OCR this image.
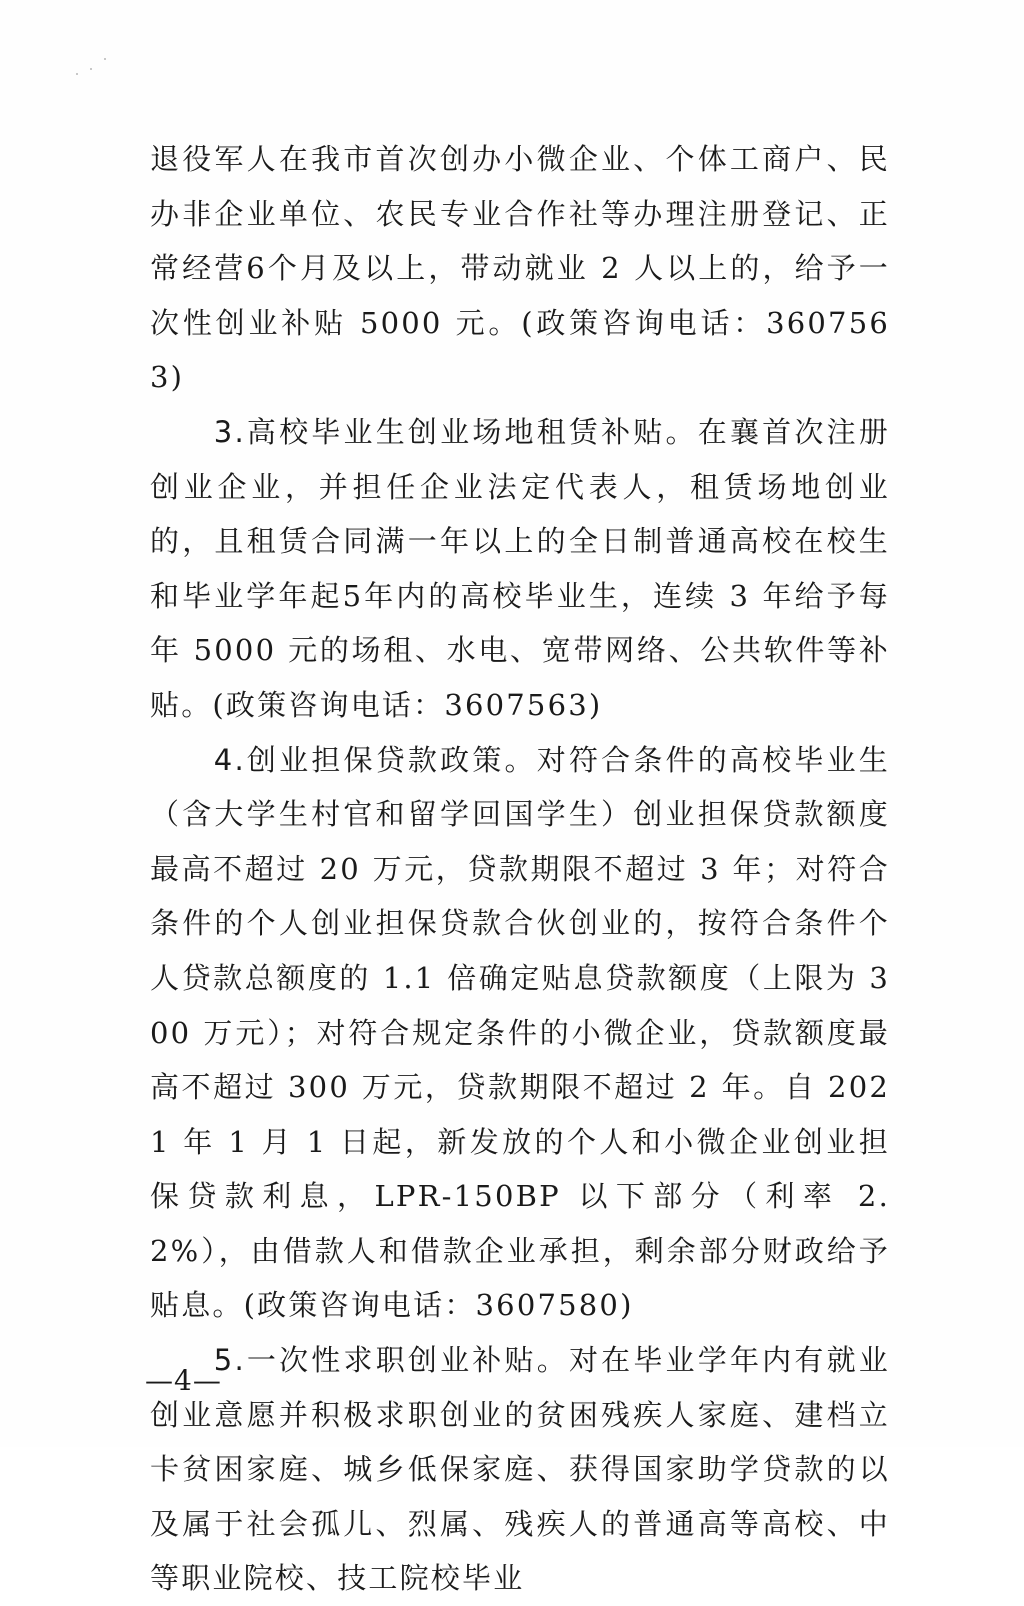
退役军人在我市首次创办小微企业、个体工商户、民办非企业单位、农民专业合作社等办理注册登记、正常经营6个月及以上，带动就业 2 人以上的，给予一次性创业补贴 5000 元。(政策咨询电话：3607563)

3.高校毕业生创业场地租赁补贴。在襄首次注册创业企业，并担任企业法定代表人，租赁场地创业的，且租赁合同满一年以上的全日制普通高校在校生和毕业学年起5年内的高校毕业生，连续 3 年给予每年 5000 元的场租、水电、宽带网络、公共软件等补贴。(政策咨询电话：3607563)

4.创业担保贷款政策。对符合条件的高校毕业生（含大学生村官和留学回国学生）创业担保贷款额度最高不超过 20 万元，贷款期限不超过 3 年；对符合条件的个人创业担保贷款合伙创业的，按符合条件个人贷款总额度的 1.1 倍确定贴息贷款额度（上限为 300 万元）；对符合规定条件的小微企业，贷款额度最高不超过 300 万元，贷款期限不超过 2 年。自 2021 年 1 月 1 日起，新发放的个人和小微企业创业担保贷款利息，LPR-150BP 以下部分（利率 2.2%），由借款人和借款企业承担，剩余部分财政给予贴息。(政策咨询电话：3607580)

5.一次性求职创业补贴。对在毕业学年内有就业创业意愿并积极求职创业的贫困残疾人家庭、建档立卡贫困家庭、城乡低保家庭、获得国家助学贷款的以及属于社会孤儿、烈属、残疾人的普通高等高校、中等职业院校、技工院校毕业

—4—
